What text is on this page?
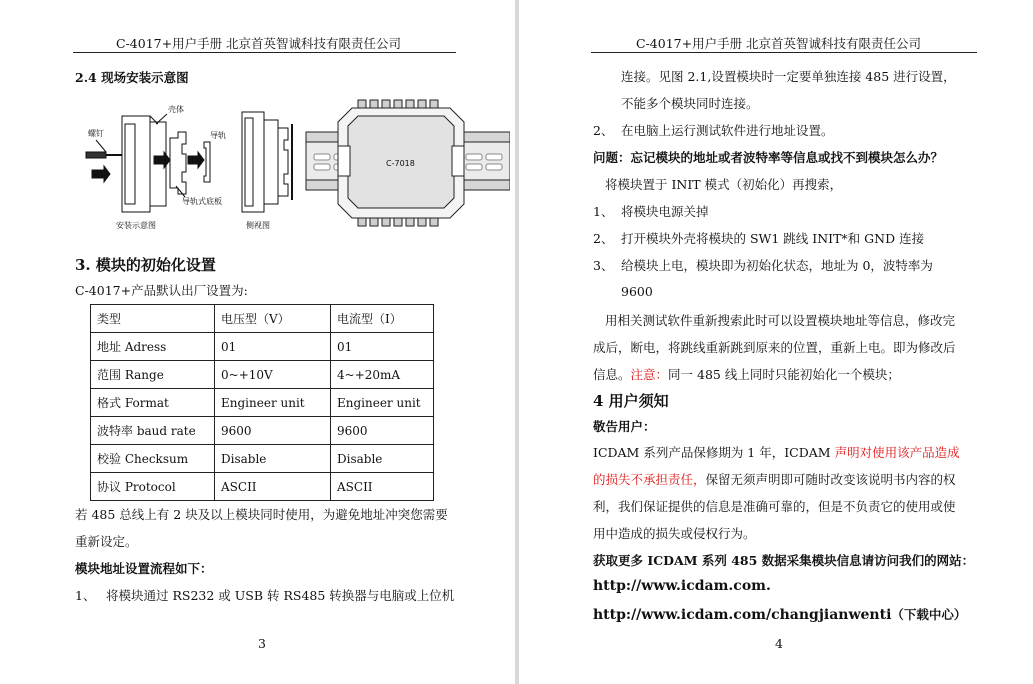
C-4017+用户手册 北京首英智诚科技有限责任公司
2.4 现场安装示意图
螺钉
壳体
导轨式底板
导轨
安装示意图	侧视图
C-7018
3. 模块的初始化设置
C-4017+产品默认出厂设置为:
类型	电压型（V）	电流型（I）
地址 Adress	01	01
范围 Range	0~+10V	4~+20mA
格式 Format	Engineer unit	Engineer unit
波特率 baud rate	9600	9600
校验 Checksum	Disable	Disable
协议 Protocol	ASCII	ASCII
若 485 总线上有 2 块及以上模块同时使用，为避免地址冲突您需要
重新设定。
模块地址设置流程如下：
1、 将模块通过 RS232 或 USB 转 RS485 转换器与电脑或上位机
3
C-4017+用户手册 北京首英智诚科技有限责任公司
连接。见图 2.1,设置模块时一定要单独连接 485 进行设置，
不能多个模块同时连接。
2、 在电脑上运行测试软件进行地址设置。
问题：忘记模块的地址或者波特率等信息或找不到模块怎么办？
将模块置于 INIT 模式（初始化）再搜索，
1、 将模块电源关掉
2、 打开模块外壳将模块的 SW1 跳线 INIT*和 GND 连接
3、 给模块上电，模块即为初始化状态，地址为 0，波特率为
9600
用相关测试软件重新搜索此时可以设置模块地址等信息，修改完
成后，断电，将跳线重新跳到原来的位置，重新上电。即为修改后
信息。注意：同一 485 线上同时只能初始化一个模块；
4 用户须知
敬告用户：
ICDAM 系列产品保修期为 1 年，ICDAM 声明对使用该产品造成
的损失不承担责任，保留无须声明即可随时改变该说明书内容的权
利，我们保证提供的信息是准确可靠的，但是不负责它的使用或使
用中造成的损失或侵权行为。
获取更多 ICDAM 系列 485 数据采集模块信息请访问我们的网站：
http://www.icdam.com.
http://www.icdam.com/changjianwenti（下载中心）
4
